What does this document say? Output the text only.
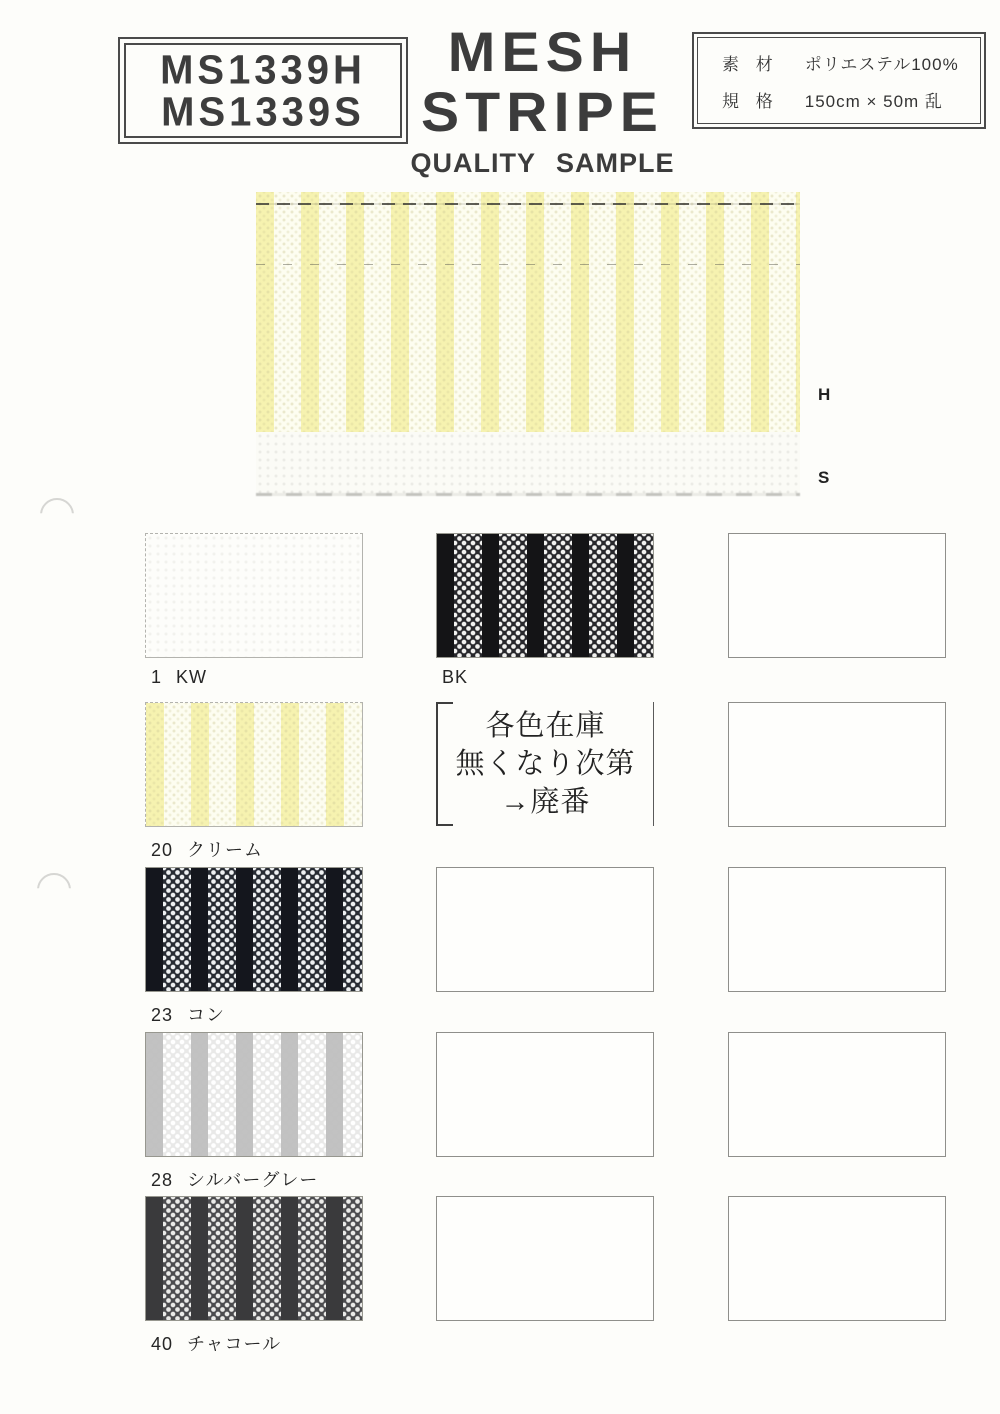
MS1339H
MS1339S
MESH
STRIPE
QUALITY SAMPLE
素 材 ポリエステル100%
規 格 150cm × 50m 乱
H
S
1 KW	BK
20 クリーム
各色在庫
無くなり次第
→廃番
23 コン
28 シルバーグレー
40 チャコール
